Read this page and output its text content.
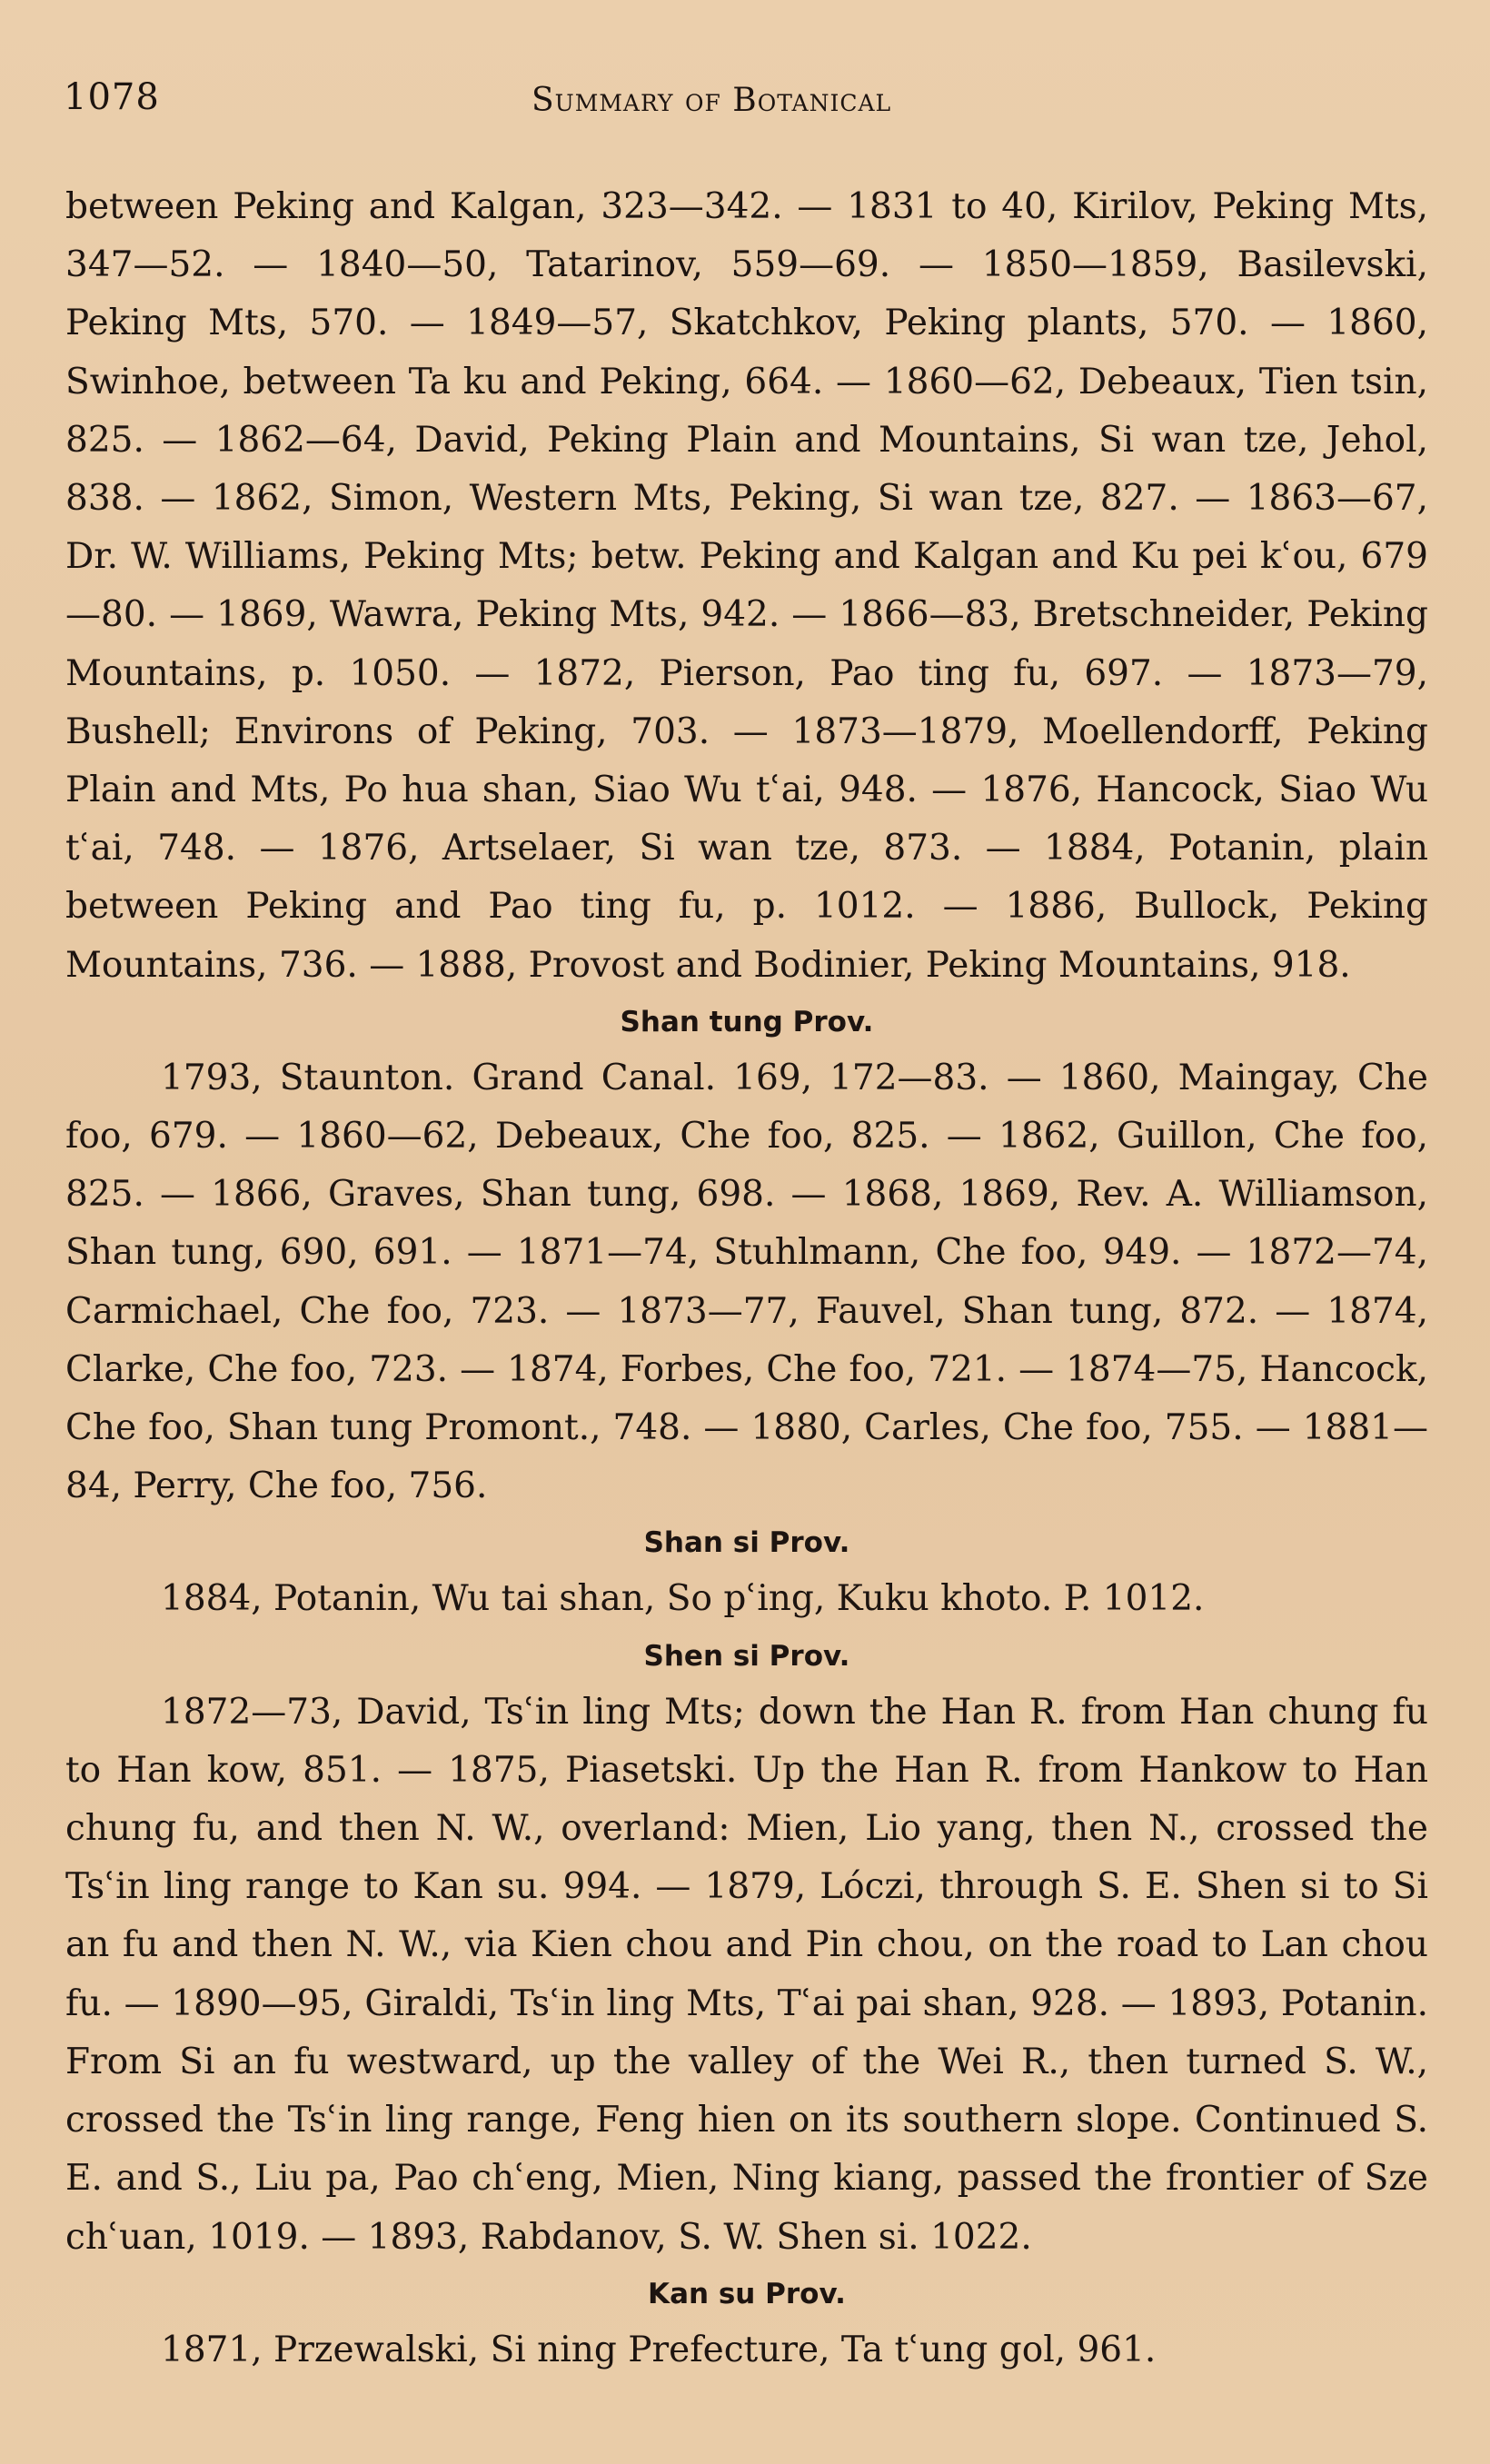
1078	Summary of Botanical

between Peking and Kalgan, 323—342. — 1831 to 40, Kirilov, Peking Mts, 347—52. — 1840—50, Tatarinov, 559—69. — 1850—1859, Basilevski, Peking Mts, 570. — 1849—57, Skatchkov, Peking plants, 570. — 1860, Swinhoe, between Ta ku and Peking, 664. — 1860—62, Debeaux, Tien tsin, 825. — 1862—64, David, Peking Plain and Mountains, Si wan tze, Jehol, 838. — 1862, Simon, Western Mts, Peking, Si wan tze, 827. — 1863—67, Dr. W. Williams, Peking Mts; betw. Peking and Kalgan and Ku pei kʿou, 679—80. — 1869, Wawra, Peking Mts, 942. — 1866—83, Bretschneider, Peking Mountains, p. 1050. — 1872, Pierson, Pao ting fu, 697. — 1873—79, Bushell; Environs of Peking, 703. — 1873—1879, Moellendorff, Peking Plain and Mts, Po hua shan, Siao Wu tʿai, 948. — 1876, Hancock, Siao Wu tʿai, 748. — 1876, Artselaer, Si wan tze, 873. — 1884, Potanin, plain between Peking and Pao ting fu, p. 1012. — 1886, Bullock, Peking Mountains, 736. — 1888, Provost and Bodinier, Peking Mountains, 918.

Shan tung Prov.

1793, Staunton. Grand Canal. 169, 172—83. — 1860, Maingay, Che foo, 679. — 1860—62, Debeaux, Che foo, 825. — 1862, Guillon, Che foo, 825. — 1866, Graves, Shan tung, 698. — 1868, 1869, Rev. A. Williamson, Shan tung, 690, 691. — 1871—74, Stuhlmann, Che foo, 949. — 1872—74, Carmichael, Che foo, 723. — 1873—77, Fauvel, Shan tung, 872. — 1874, Clarke, Che foo, 723. — 1874, Forbes, Che foo, 721. — 1874—75, Hancock, Che foo, Shan tung Promont., 748. — 1880, Carles, Che foo, 755. — 1881—84, Perry, Che foo, 756.

Shan si Prov.

1884, Potanin, Wu tai shan, So pʿing, Kuku khoto. P. 1012.

Shen si Prov.

1872—73, David, Tsʿin ling Mts; down the Han R. from Han chung fu to Han kow, 851. — 1875, Piasetski. Up the Han R. from Hankow to Han chung fu, and then N. W., overland: Mien, Lio yang, then N., crossed the Tsʿin ling range to Kan su. 994. — 1879, Lóczi, through S. E. Shen si to Si an fu and then N. W., via Kien chou and Pin chou, on the road to Lan chou fu. — 1890—95, Giraldi, Tsʿin ling Mts, Tʿai pai shan, 928. — 1893, Potanin. From Si an fu westward, up the valley of the Wei R., then turned S. W., crossed the Tsʿin ling range, Feng hien on its southern slope. Continued S. E. and S., Liu pa, Pao chʿeng, Mien, Ning kiang, passed the frontier of Sze chʿuan, 1019. — 1893, Rabdanov, S. W. Shen si. 1022.

Kan su Prov.

1871, Przewalski, Si ning Prefecture, Ta tʿung gol, 961.
